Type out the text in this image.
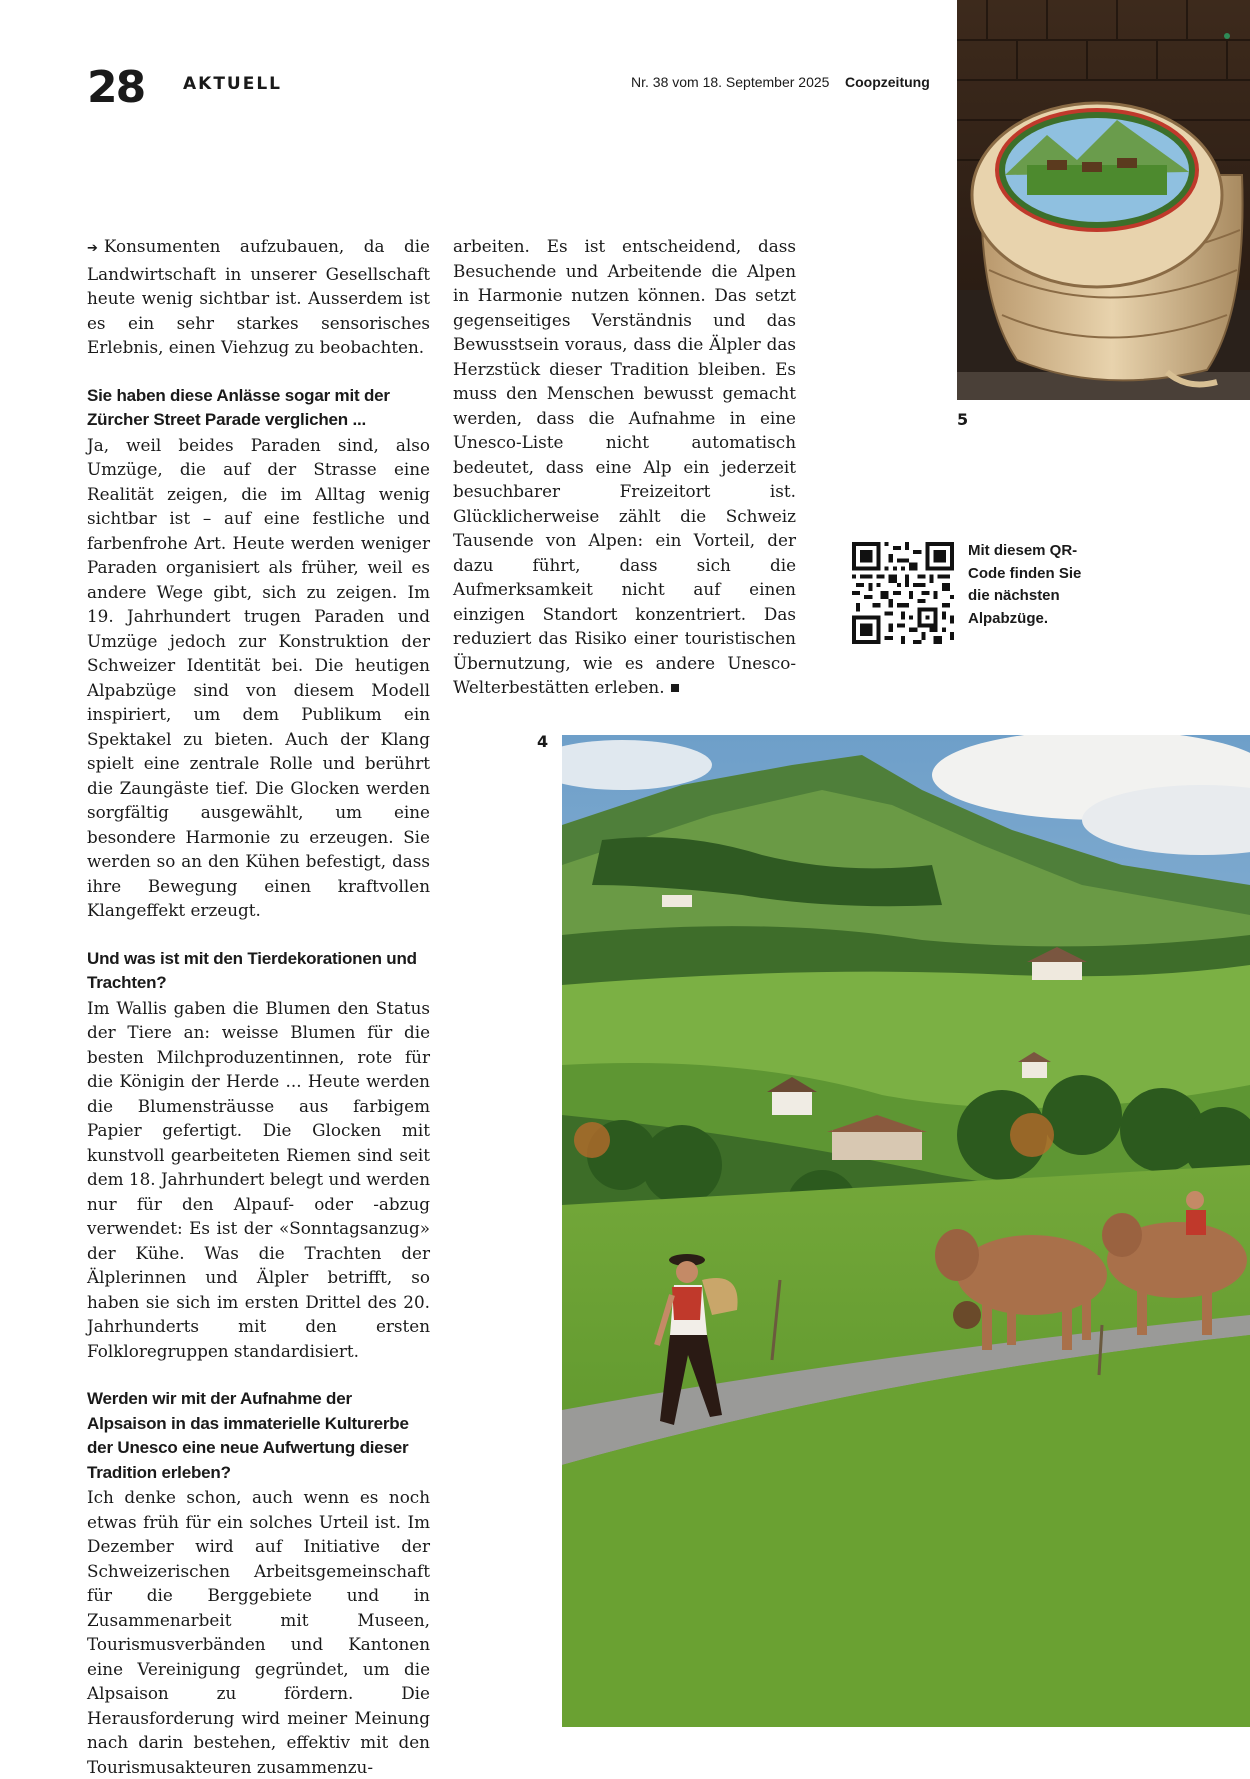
28 AKTUELL	Nr. 38 vom 18. September 2025 Coopzeitung

➔ Konsumenten aufzubauen, da die Landwirtschaft in unserer Gesellschaft heute wenig sichtbar ist. Ausserdem ist es ein sehr starkes sensorisches Erlebnis, einen Viehzug zu beobachten.

Sie haben diese Anlässe sogar mit der Zürcher Street Parade verglichen ...

Ja, weil beides Paraden sind, also Umzüge, die auf der Strasse eine Realität zeigen, die im Alltag wenig sichtbar ist – auf eine festliche und farbenfrohe Art. Heute werden weniger Paraden organisiert als früher, weil es andere Wege gibt, sich zu zeigen. Im 19. Jahrhundert trugen Paraden und Umzüge jedoch zur Konstruktion der Schweizer Identität bei. Die heutigen Alpabzüge sind von diesem Modell inspiriert, um dem Publikum ein Spektakel zu bieten. Auch der Klang spielt eine zentrale Rolle und berührt die Zaungäste tief. Die Glocken werden sorgfältig ausgewählt, um eine besondere Harmonie zu erzeugen. Sie werden so an den Kühen befestigt, dass ihre Bewegung einen kraftvollen Klangeffekt erzeugt.

Und was ist mit den Tierdekorationen und Trachten?

Im Wallis gaben die Blumen den Status der Tiere an: weisse Blumen für die besten Milchproduzentinnen, rote für die Königin der Herde ... Heute werden die Blumensträusse aus farbigem Papier gefertigt. Die Glocken mit kunstvoll gearbeiteten Riemen sind seit dem 18. Jahrhundert belegt und werden nur für den Alpauf- oder -abzug verwendet: Es ist der «Sonntagsanzug» der Kühe. Was die Trachten der Älplerinnen und Älpler betrifft, so haben sie sich im ersten Drittel des 20. Jahrhunderts mit den ersten Folkloregruppen standardisiert.

Werden wir mit der Aufnahme der Alpsaison in das immaterielle Kulturerbe der Unesco eine neue Aufwertung dieser Tradition erleben?

Ich denke schon, auch wenn es noch etwas früh für ein solches Urteil ist. Im Dezember wird auf Initiative der Schweizerischen Arbeitsgemeinschaft für die Berggebiete und in Zusammenarbeit mit Museen, Tourismusverbänden und Kantonen eine Vereinigung gegründet, um die Alpsaison zu fördern. Die Herausforderung wird meiner Meinung nach darin bestehen, effektiv mit den Tourismusakteuren zusammenzu-

arbeiten. Es ist entscheidend, dass Besuchende und Arbeitende die Alpen in Harmonie nutzen können. Das setzt gegenseitiges Verständnis und das Bewusstsein voraus, dass die Älpler das Herzstück dieser Tradition bleiben. Es muss den Menschen bewusst gemacht werden, dass die Aufnahme in eine Unesco-Liste nicht automatisch bedeutet, dass eine Alp ein jederzeit besuchbarer Freizeitort ist. Glücklicherweise zählt die Schweiz Tausende von Alpen: ein Vorteil, der dazu führt, dass sich die Aufmerksamkeit nicht auf einen einzigen Standort konzentriert. Das reduziert das Risiko einer touristischen Übernutzung, wie es andere Unesco-Welterbestätten erleben.

5
Mit diesem QR-Code finden Sie die nächsten Alpabzüge.
4
